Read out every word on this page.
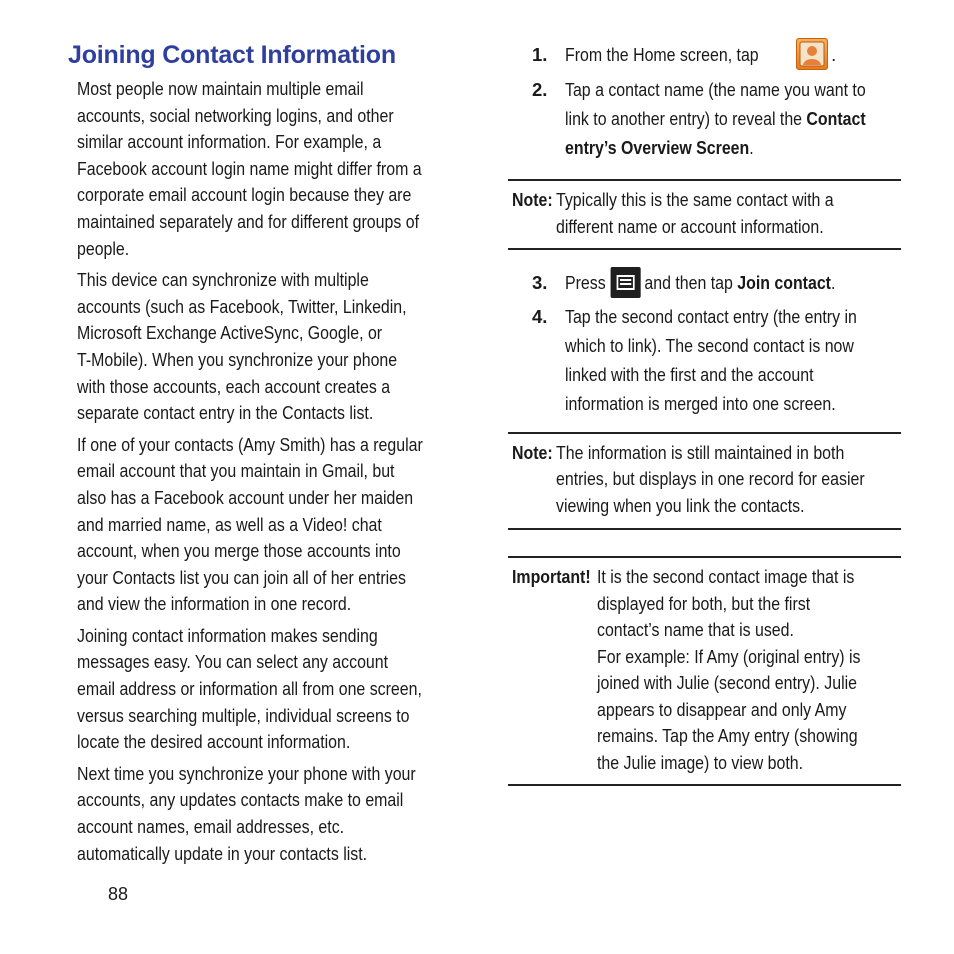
Joining Contact Information

Most people now maintain multiple email
accounts, social networking logins, and other
similar account information. For example, a
Facebook account login name might differ from a
corporate email account login because they are
maintained separately and for different groups of
people.

This device can synchronize with multiple
accounts (such as Facebook, Twitter, Linkedin,
Microsoft Exchange ActiveSync, Google, or
T-Mobile). When you synchronize your phone
with those accounts, each account creates a
separate contact entry in the Contacts list.

If one of your contacts (Amy Smith) has a regular
email account that you maintain in Gmail, but
also has a Facebook account under her maiden
and married name, as well as a Video! chat
account, when you merge those accounts into
your Contacts list you can join all of her entries
and view the information in one record.

Joining contact information makes sending
messages easy. You can select any account
email address or information all from one screen,
versus searching multiple, individual screens to
locate the desired account information.

Next time you synchronize your phone with your
accounts, any updates contacts make to email
account names, email addresses, etc.
automatically update in your contacts list.

88
1. From the Home screen, tap	.
2. Tap a contact name (the name you want to
link to another entry) to reveal the Contact
entry’s Overview Screen.
Note: Typically this is the same contact with a
different name or account information.
3. Press and then tap Join contact.
4. Tap the second contact entry (the entry in
which to link). The second contact is now
linked with the first and the account
information is merged into one screen.
Note: The information is still maintained in both
entries, but displays in one record for easier
viewing when you link the contacts.
Important! It is the second contact image that is
displayed for both, but the first
contact’s name that is used.
For example: If Amy (original entry) is
joined with Julie (second entry). Julie
appears to disappear and only Amy
remains. Tap the Amy entry (showing
the Julie image) to view both.
